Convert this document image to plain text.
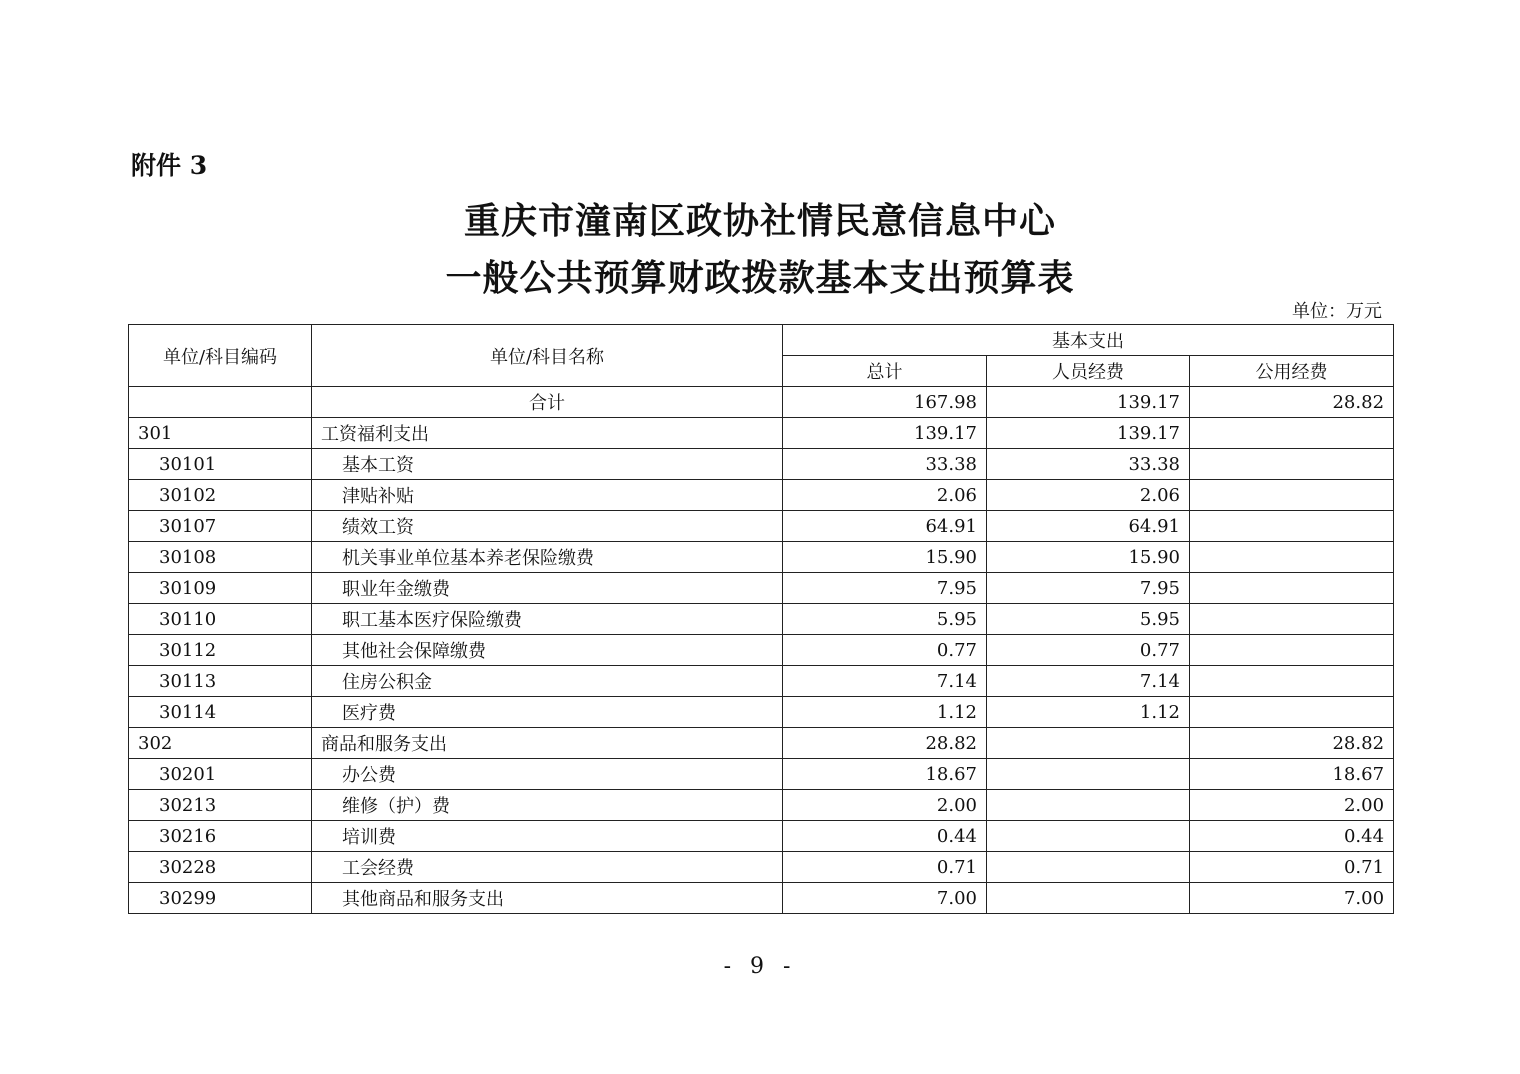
附件 3
重庆市潼南区政协社情民意信息中心
一般公共预算财政拨款基本支出预算表
单位：万元
单位/科目编码	单位/科目名称	基本支出		
		总计	人员经费	公用经费
	合计	167.98	139.17	28.82
301	工资福利支出	139.17	139.17	
30101	基本工资	33.38	33.38	
30102	津贴补贴	2.06	2.06	
30107	绩效工资	64.91	64.91	
30108	机关事业单位基本养老保险缴费	15.90	15.90	
30109	职业年金缴费	7.95	7.95	
30110	职工基本医疗保险缴费	5.95	5.95	
30112	其他社会保障缴费	0.77	0.77	
30113	住房公积金	7.14	7.14	
30114	医疗费	1.12	1.12	
302	商品和服务支出	28.82		28.82
30201	办公费	18.67		18.67
30213	维修（护）费	2.00		2.00
30216	培训费	0.44		0.44
30228	工会经费	0.71		0.71
30299	其他商品和服务支出	7.00		7.00
- 9 -
